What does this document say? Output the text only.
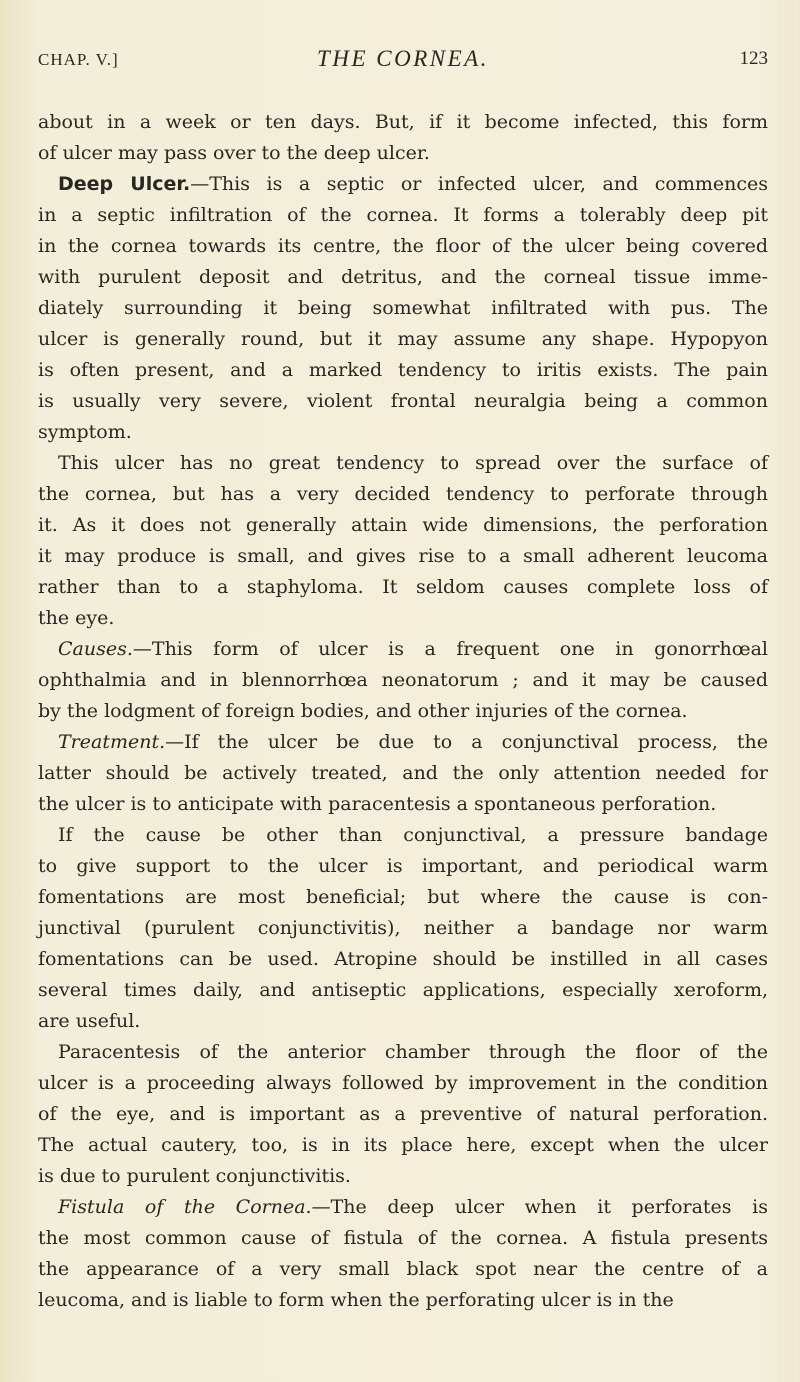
CHAP. V.]	THE CORNEA.	123
about in a week or ten days. But, if it become infected, this form
of ulcer may pass over to the deep ulcer.
Deep Ulcer.—This is a septic or infected ulcer, and commences
in a septic infiltration of the cornea. It forms a tolerably deep pit
in the cornea towards its centre, the floor of the ulcer being covered
with purulent deposit and detritus, and the corneal tissue imme-
diately surrounding it being somewhat infiltrated with pus. The
ulcer is generally round, but it may assume any shape. Hypopyon
is often present, and a marked tendency to iritis exists. The pain
is usually very severe, violent frontal neuralgia being a common
symptom.
This ulcer has no great tendency to spread over the surface of
the cornea, but has a very decided tendency to perforate through
it. As it does not generally attain wide dimensions, the perforation
it may produce is small, and gives rise to a small adherent leucoma
rather than to a staphyloma. It seldom causes complete loss of
the eye.
Causes.—This form of ulcer is a frequent one in gonorrhœal
ophthalmia and in blennorrhœa neonatorum ; and it may be caused
by the lodgment of foreign bodies, and other injuries of the cornea.
Treatment.—If the ulcer be due to a conjunctival process, the
latter should be actively treated, and the only attention needed for
the ulcer is to anticipate with paracentesis a spontaneous perforation.
If the cause be other than conjunctival, a pressure bandage
to give support to the ulcer is important, and periodical warm
fomentations are most beneficial; but where the cause is con-
junctival (purulent conjunctivitis), neither a bandage nor warm
fomentations can be used. Atropine should be instilled in all cases
several times daily, and antiseptic applications, especially xeroform,
are useful.
Paracentesis of the anterior chamber through the floor of the
ulcer is a proceeding always followed by improvement in the condition
of the eye, and is important as a preventive of natural perforation.
The actual cautery, too, is in its place here, except when the ulcer
is due to purulent conjunctivitis.
Fistula of the Cornea.—The deep ulcer when it perforates is
the most common cause of fistula of the cornea. A fistula presents
the appearance of a very small black spot near the centre of a
leucoma, and is liable to form when the perforating ulcer is in the
